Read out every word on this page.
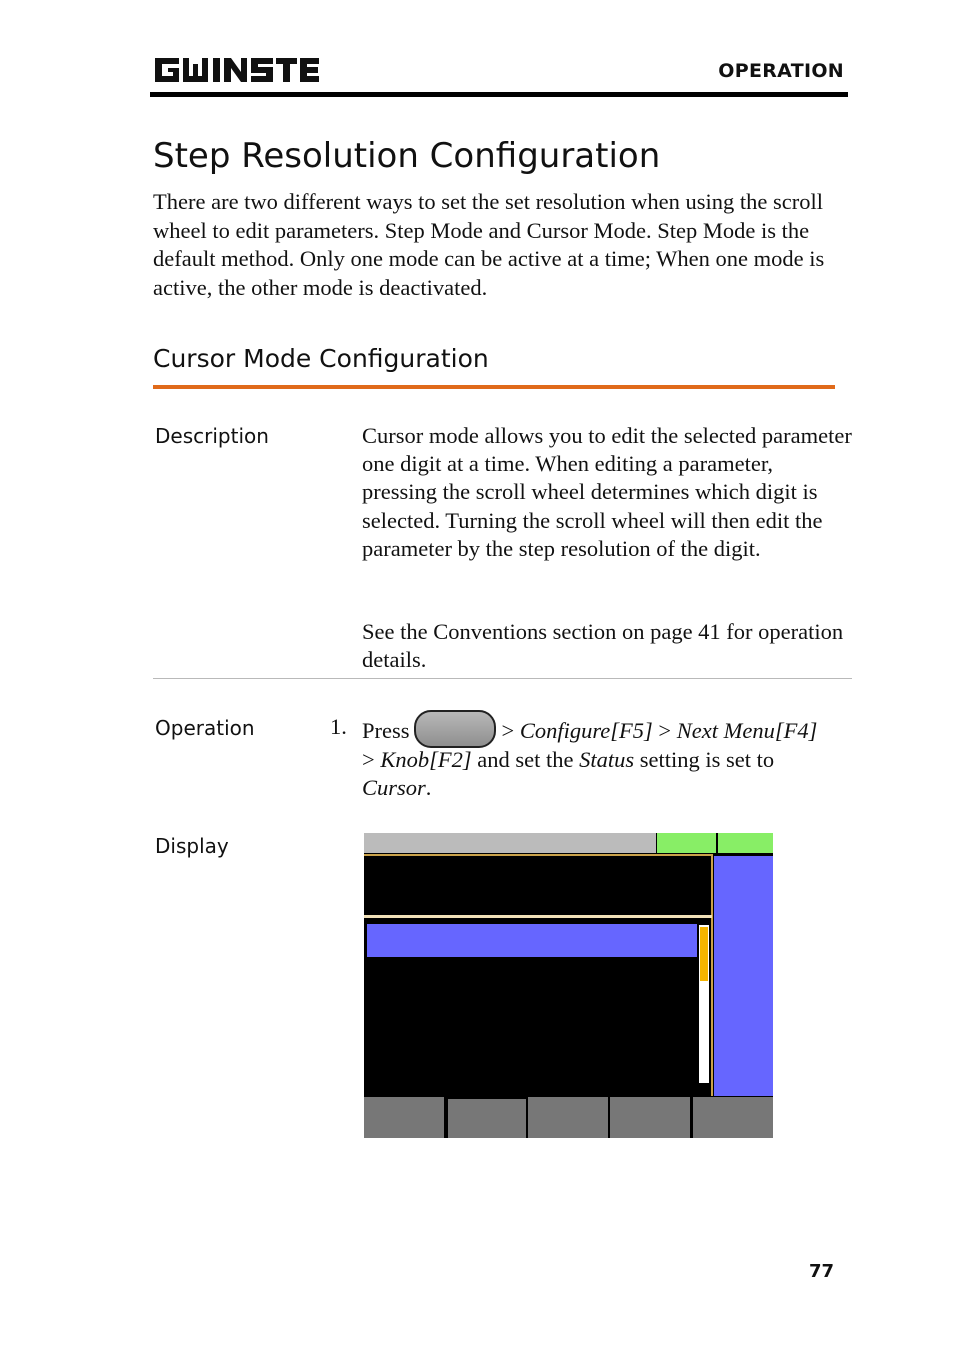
GW INSTEK
OPERATION
Step Resolution Configuration
There are two different ways to set the set resolution when using the scroll wheel to edit parameters. Step Mode and Cursor Mode. Step Mode is the default method. Only one mode can be active at a time; When one mode is active, the other mode is deactivated.
Cursor Mode Configuration
Description	Cursor mode allows you to edit the selected parameter one digit at a time. When editing a parameter, pressing the scroll wheel determines which digit is selected. Turning the scroll wheel will then edit the parameter by the step resolution of the digit.
See the Conventions section on page 41 for operation details.
Operation	1. Press	> Configure[F5] > Next Menu[F4]
> Knob[F2] and set the Status setting is set to
Cursor.
Display
77
